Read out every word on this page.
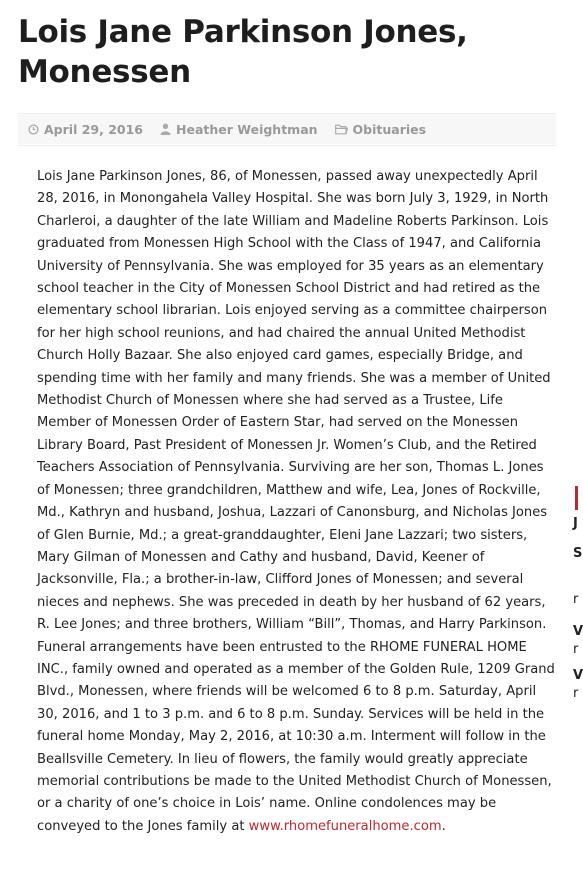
Lois Jane Parkinson Jones, Monessen
April 29, 2016	Heather Weightman	Obituaries

Lois Jane Parkinson Jones, 86, of Monessen, passed away unexpectedly April 28, 2016, in Monongahela Valley Hospital. She was born July 3, 1929, in North Charleroi, a daughter of the late William and Madeline Roberts Parkinson. Lois graduated from Monessen High School with the Class of 1947, and California University of Pennsylvania. She was employed for 35 years as an elementary school teacher in the City of Monessen School District and had retired as the elementary school librarian. Lois enjoyed serving as a committee chairperson for her high school reunions, and had chaired the annual United Methodist Church Holly Bazaar. She also enjoyed card games, especially Bridge, and spending time with her family and many friends. She was a member of United Methodist Church of Monessen where she had served as a Trustee, Life Member of Monessen Order of Eastern Star, had served on the Monessen Library Board, Past President of Monessen Jr. Women’s Club, and the Retired Teachers Association of Pennsylvania. Surviving are her son, Thomas L. Jones of Monessen; three grandchildren, Matthew and wife, Lea, Jones of Rockville, Md., Kathryn and husband, Joshua, Lazzari of Canonsburg, and Nicholas Jones of Glen Burnie, Md.; a great-granddaughter, Eleni Jane Lazzari; two sisters, Mary Gilman of Monessen and Cathy and husband, David, Keener of Jacksonville, Fla.; a brother-in-law, Clifford Jones of Monessen; and several nieces and nephews. She was preceded in death by her husband of 62 years, R. Lee Jones; and three brothers, William “Bill”, Thomas, and Harry Parkinson. Funeral arrangements have been entrusted to the RHOME FUNERAL HOME INC., family owned and operated as a member of the Golden Rule, 1209 Grand Blvd., Monessen, where friends will be welcomed 6 to 8 p.m. Saturday, April 30, 2016, and 1 to 3 p.m. and 6 to 8 p.m. Sunday. Services will be held in the funeral home Monday, May 2, 2016, at 10:30 a.m. Interment will follow in the Beallsville Cemetery. In lieu of flowers, the family would greatly appreciate memorial contributions be made to the United Methodist Church of Monessen, or a charity of one’s choice in Lois’ name. Online condolences may be conveyed to the Jones family at www.rhomefuneralhome.com.

J
S
r
V
r
V
r
